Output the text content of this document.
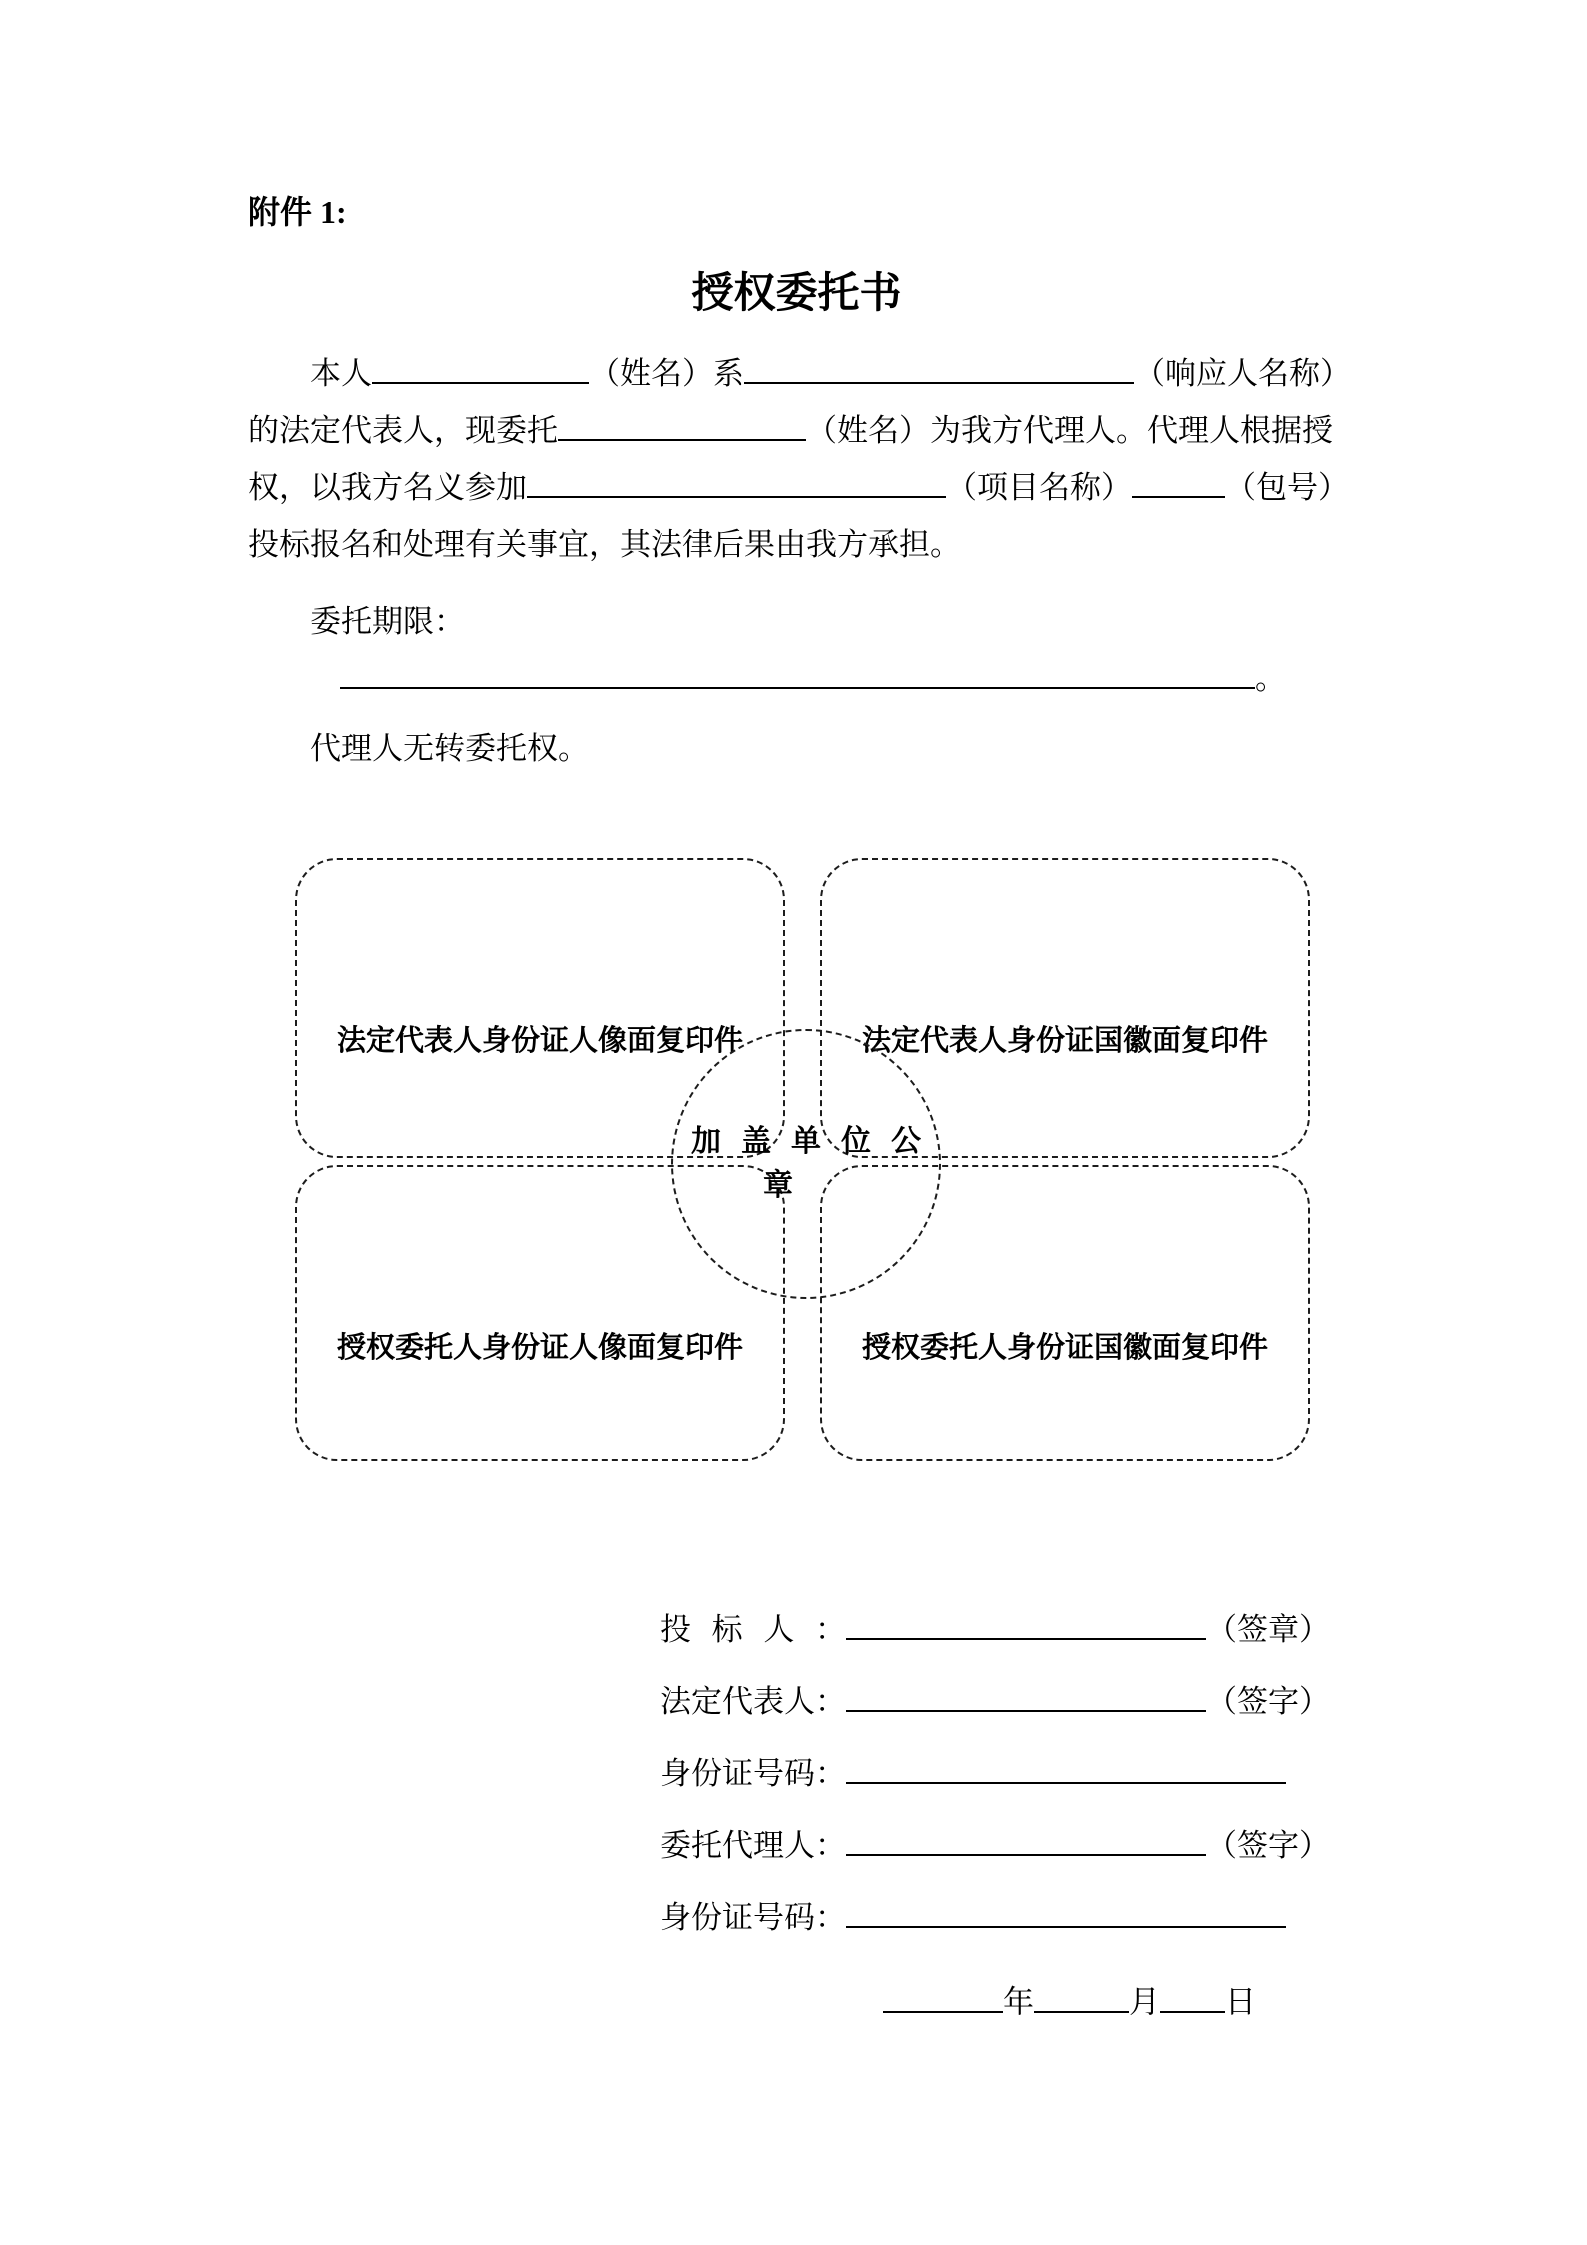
附件 1:
授权委托书
本人	（姓名）系	（响应人名称）
的法定代表人，现委托	（姓名）为我方代理人。代理人根据授
权，以我方名义参加	（项目名称）	（包号）
投标报名和处理有关事宜，其法律后果由我方承担。
委托期限：
。
代理人无转委托权。
法定代表人身份证人像面复印件	法定代表人身份证国徽面复印件
授权委托人身份证人像面复印件	授权委托人身份证国徽面复印件
加盖单位公
章
投标人：	（签章）
法定代表人：	（签字）
身份证号码：
委托代理人：	（签字）
身份证号码：
年	月 日
